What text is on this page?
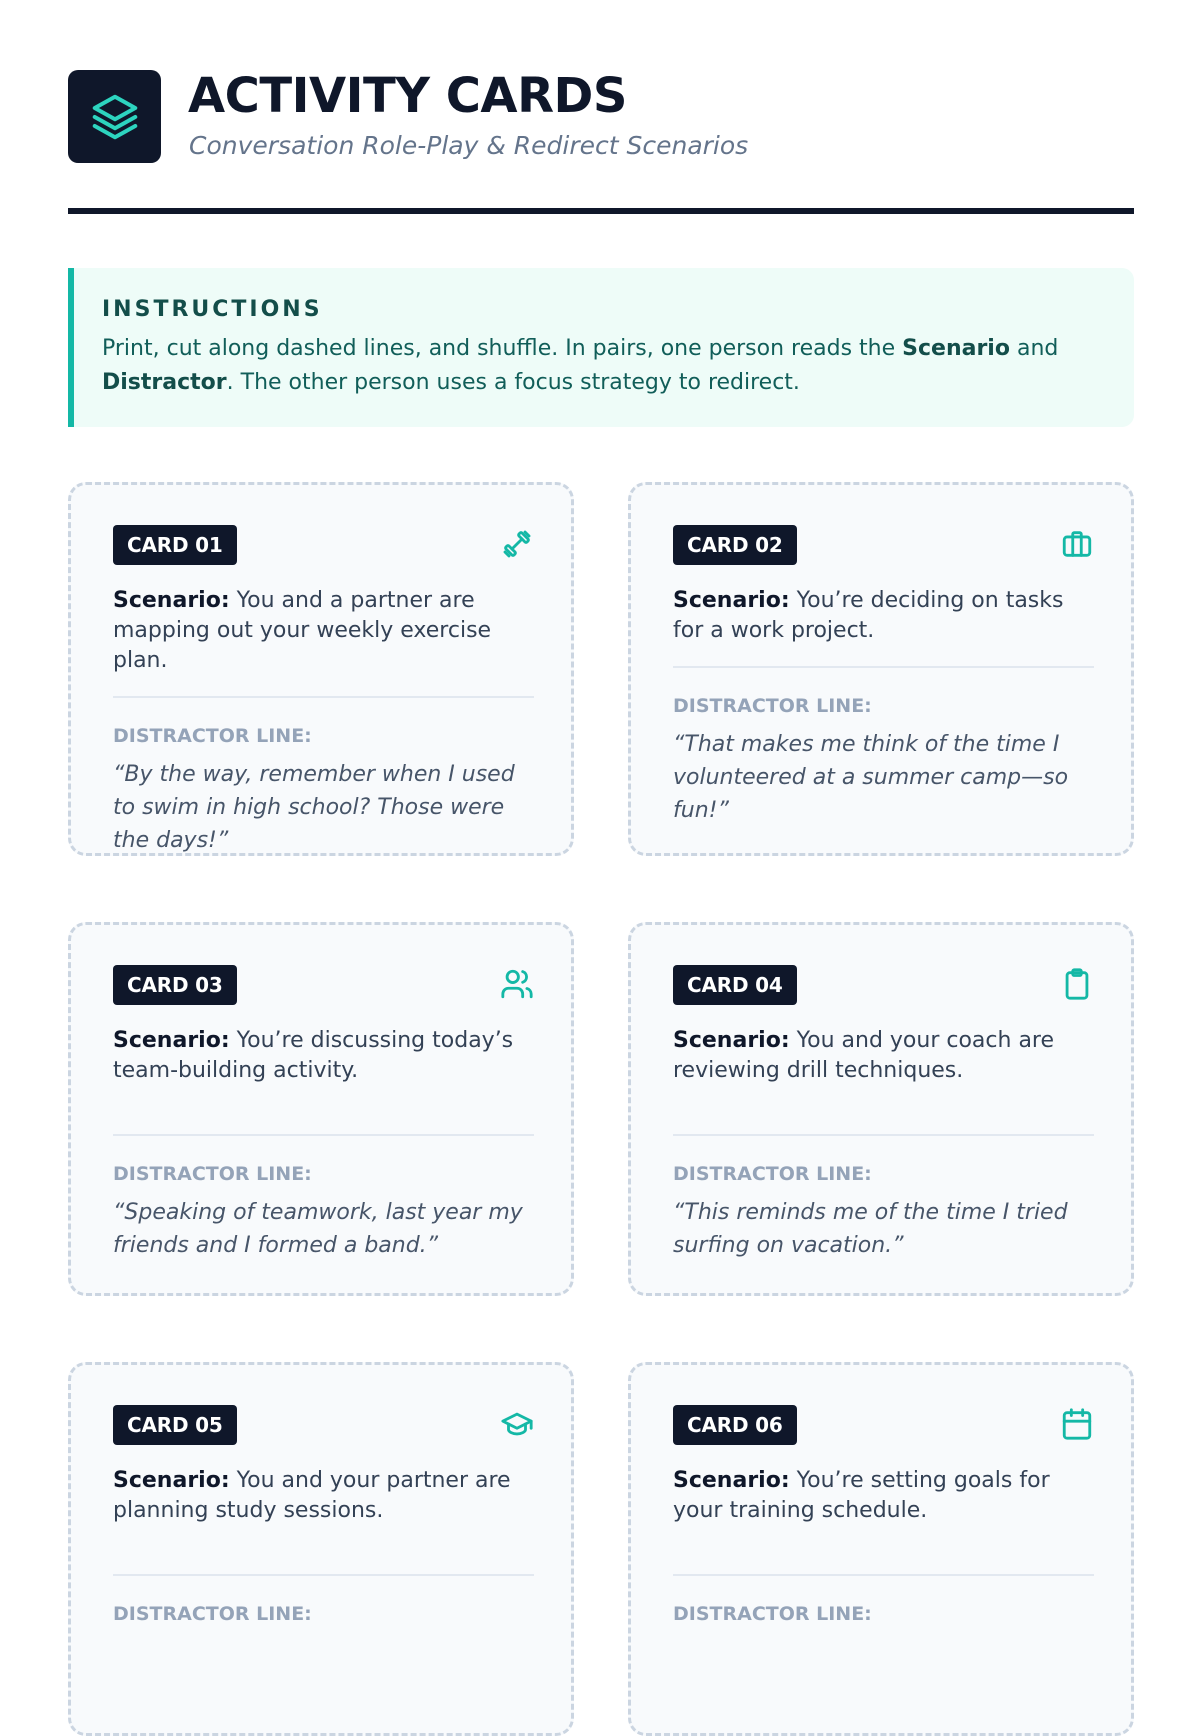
ACTIVITY CARDS
Conversation Role-Play & Redirect Scenarios
INSTRUCTIONS

Print, cut along dashed lines, and shuffle. In pairs, one person reads the Scenario and Distractor. The other person uses a focus strategy to redirect.

CARD 01
Scenario: You and a partner are mapping out your weekly exercise plan.
DISTRACTOR LINE:
“By the way, remember when I used to swim in high school? Those were the days!”
CARD 02
Scenario: You’re deciding on tasks for a work project.
DISTRACTOR LINE:
“That makes me think of the time I volunteered at a summer camp—so fun!”
CARD 03
Scenario: You’re discussing today’s team-building activity.
DISTRACTOR LINE:
“Speaking of teamwork, last year my friends and I formed a band.”
CARD 04
Scenario: You and your coach are reviewing drill techniques.
DISTRACTOR LINE:
“This reminds me of the time I tried surfing on vacation.”
CARD 05
Scenario: You and your partner are planning study sessions.
DISTRACTOR LINE:
CARD 06
Scenario: You’re setting goals for your training schedule.
DISTRACTOR LINE:
